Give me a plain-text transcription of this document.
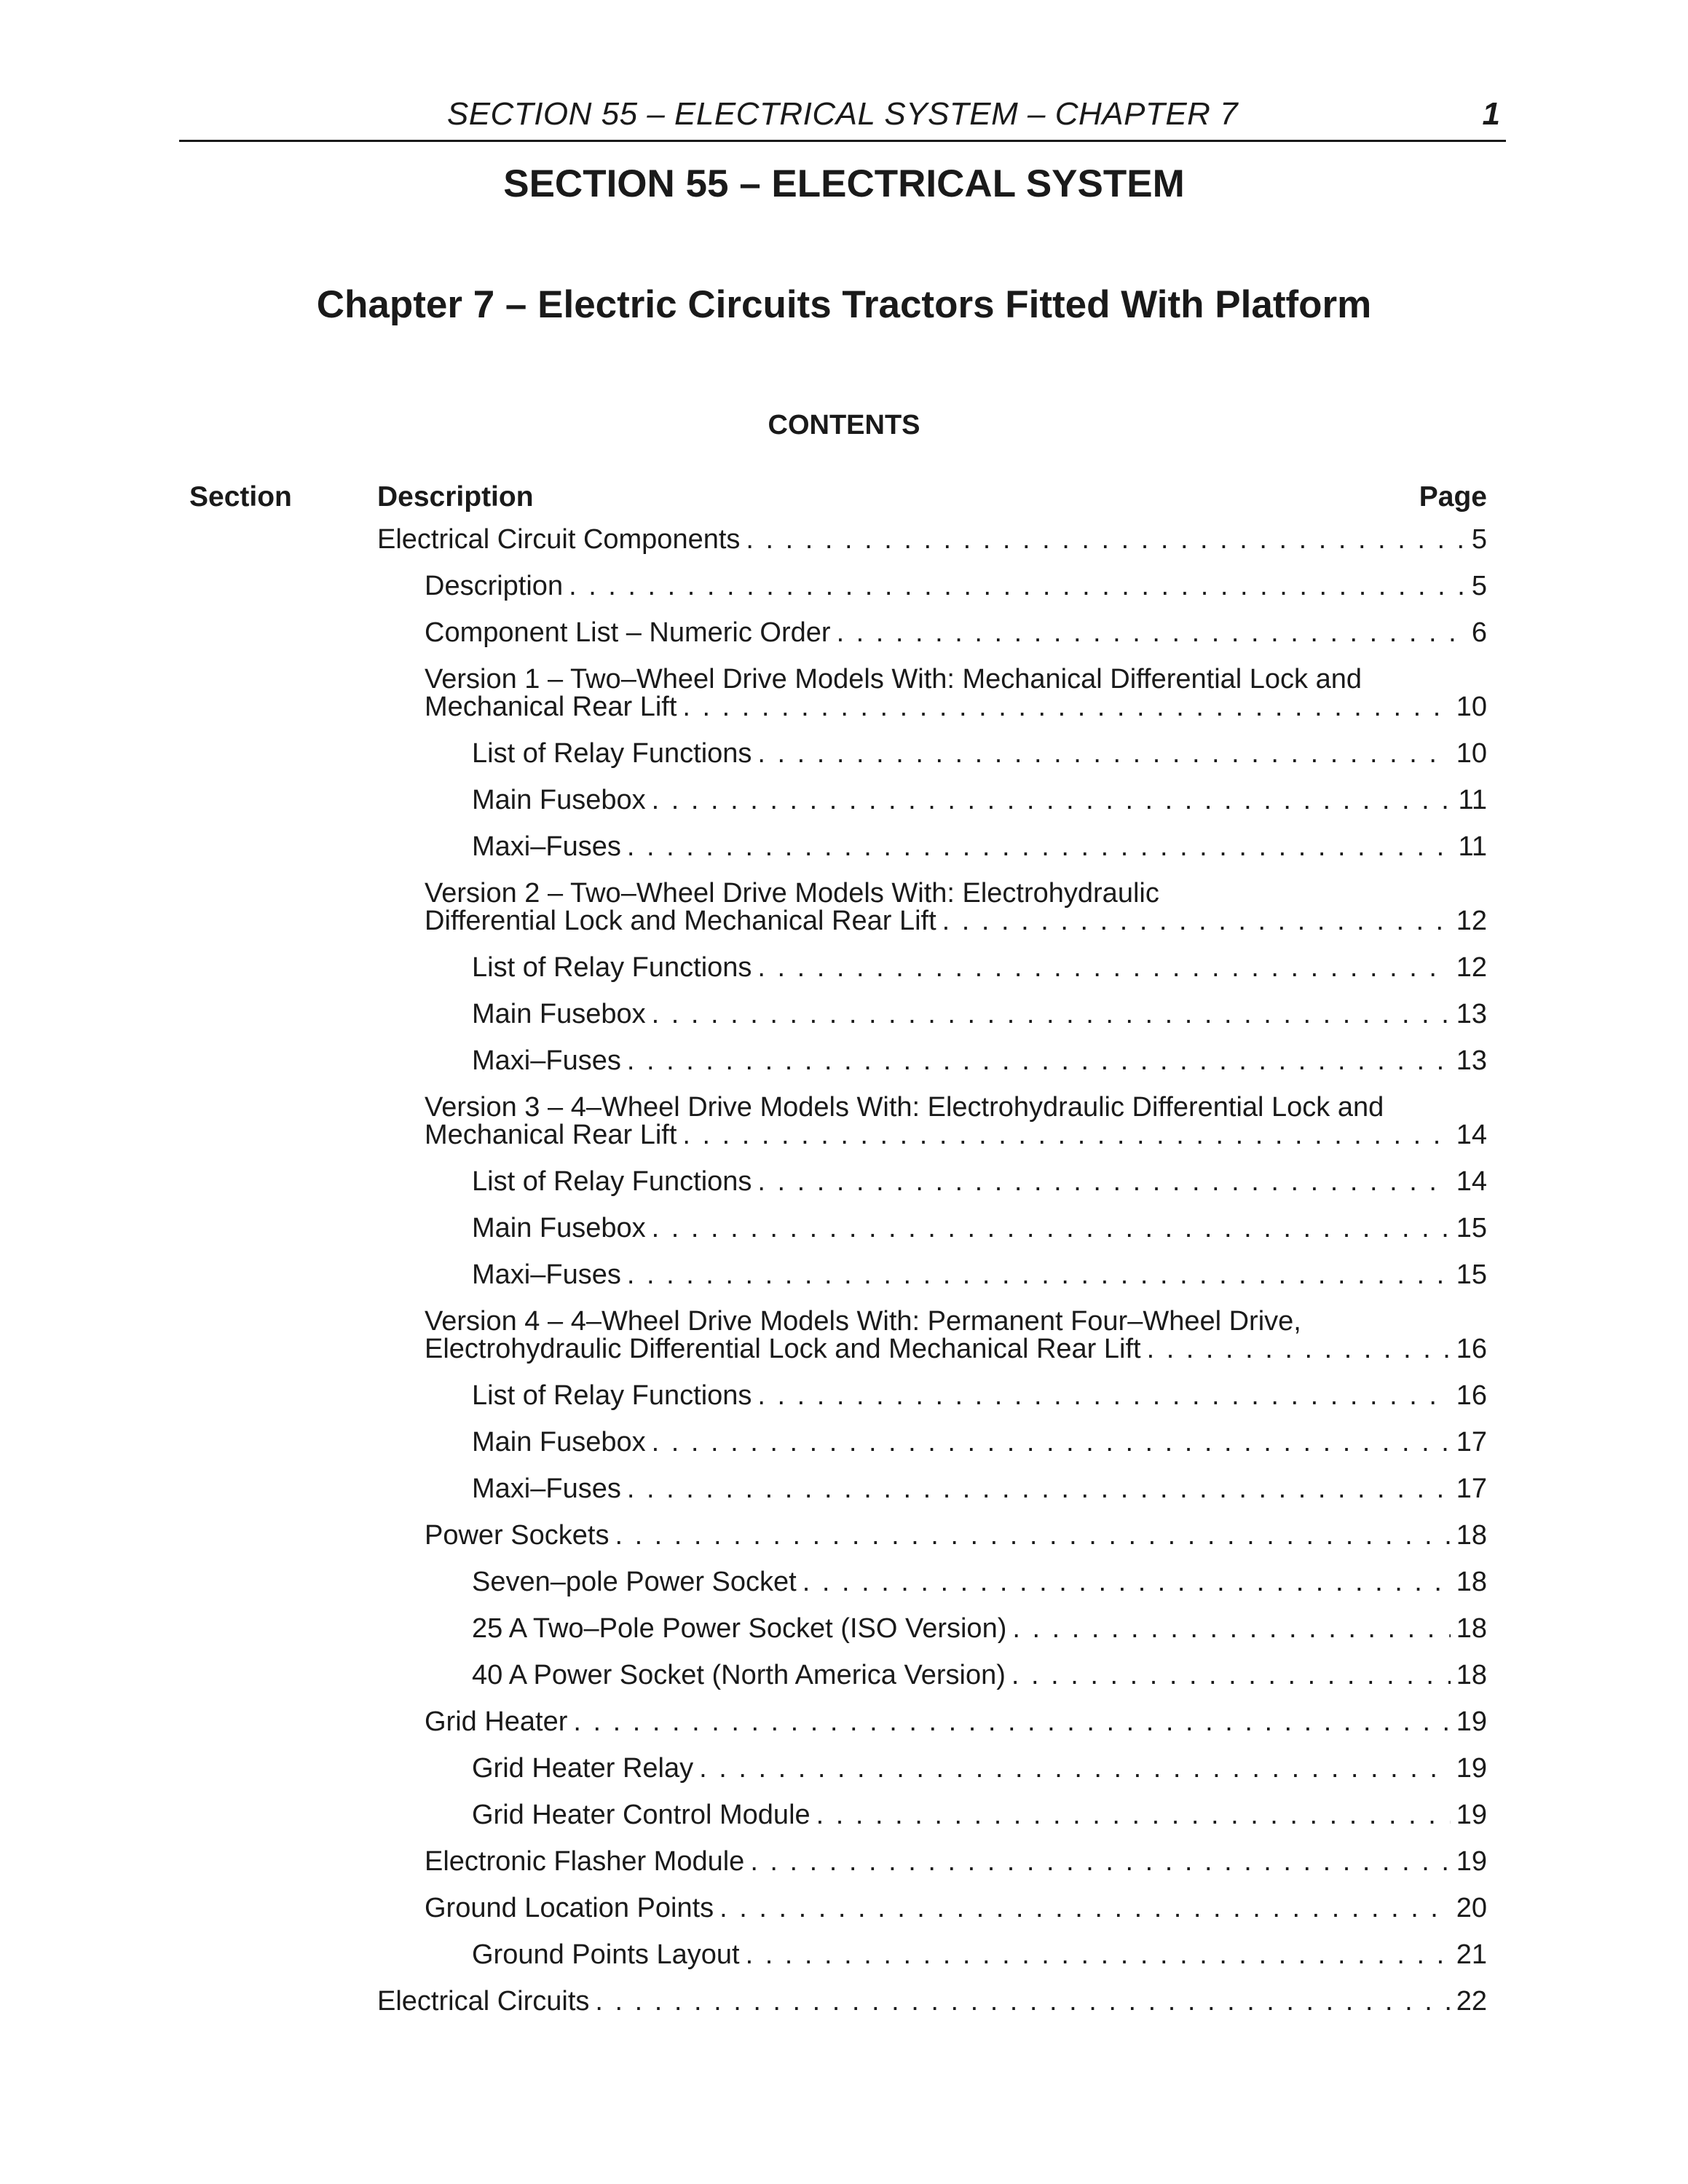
SECTION 55 – ELECTRICAL SYSTEM – CHAPTER 7	1
SECTION 55 – ELECTRICAL SYSTEM
Chapter 7 – Electric Circuits Tractors Fitted With Platform
CONTENTS
Section	Description	Page
Electrical Circuit Components . . .	5
Description . . .	5
Component List – Numeric Order . . .	6
Version 1 – Two–Wheel Drive Models With: Mechanical Differential Lock and
Mechanical Rear Lift . . .	10
List of Relay Functions . . .	10
Main Fusebox . . .	11
Maxi–Fuses . . .	11
Version 2 – Two–Wheel Drive Models With: Electrohydraulic
Differential Lock and Mechanical Rear Lift . . .	12
List of Relay Functions . . .	12
Main Fusebox . . .	13
Maxi–Fuses . . .	13
Version 3 – 4–Wheel Drive Models With: Electrohydraulic Differential Lock and
Mechanical Rear Lift . . .	14
List of Relay Functions . . .	14
Main Fusebox . . .	15
Maxi–Fuses . . .	15
Version 4 – 4–Wheel Drive Models With: Permanent Four–Wheel Drive,
Electrohydraulic Differential Lock and Mechanical Rear Lift . . .	16
List of Relay Functions . . .	16
Main Fusebox . . .	17
Maxi–Fuses . . .	17
Power Sockets . . .	18
Seven–pole Power Socket . . .	18
25 A Two–Pole Power Socket (ISO Version) . . .	18
40 A Power Socket (North America Version) . . .	18
Grid Heater . . .	19
Grid Heater Relay . . .	19
Grid Heater Control Module . . .	19
Electronic Flasher Module . . .	19
Ground Location Points . . .	20
Ground Points Layout . . .	21
Electrical Circuits . . .	22
